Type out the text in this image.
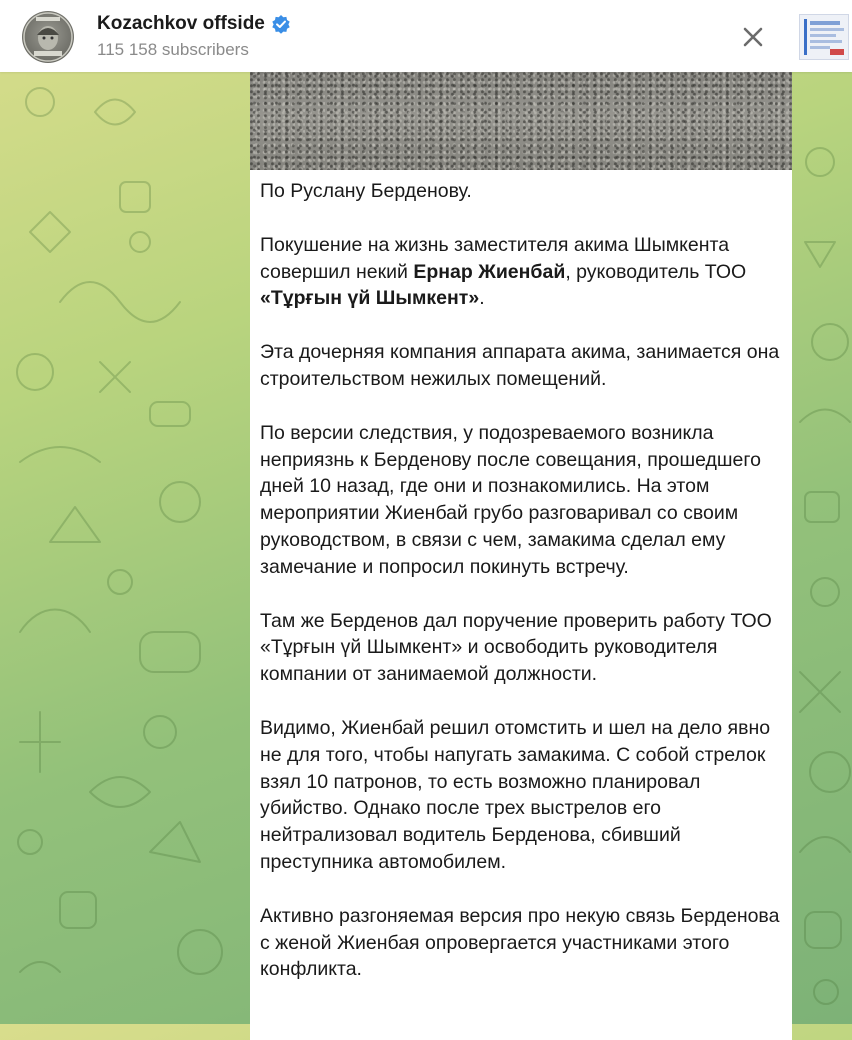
Kozachkov offside
115 158 subscribers

По Руслану Берденову.

Покушение на жизнь заместителя акима Шымкента совершил некий Ернар Жиенбай, руководитель ТОО «Тұрғын үй Шымкент».

Эта дочерняя компания аппарата акима, занимается она строительством нежилых помещений.

По версии следствия, у подозреваемого возникла неприязнь к Берденову после совещания, прошедшего дней 10 назад, где они и познакомились. На этом мероприятии Жиенбай грубо разговаривал со своим руководством, в связи с чем, замакима сделал ему замечание и попросил покинуть встречу.

Там же Берденов дал поручение проверить работу ТОО «Тұрғын үй Шымкент» и освободить руководителя компании от занимаемой должности.

Видимо, Жиенбай решил отомстить и шел на дело явно не для того, чтобы напугать замакима. С собой стрелок взял 10 патронов, то есть возможно планировал убийство. Однако после трех выстрелов его нейтрализовал водитель Берденова, сбивший преступника автомобилем.

Активно разгоняемая версия про некую связь Берденова с женой Жиенбая опровергается участниками этого конфликта.
